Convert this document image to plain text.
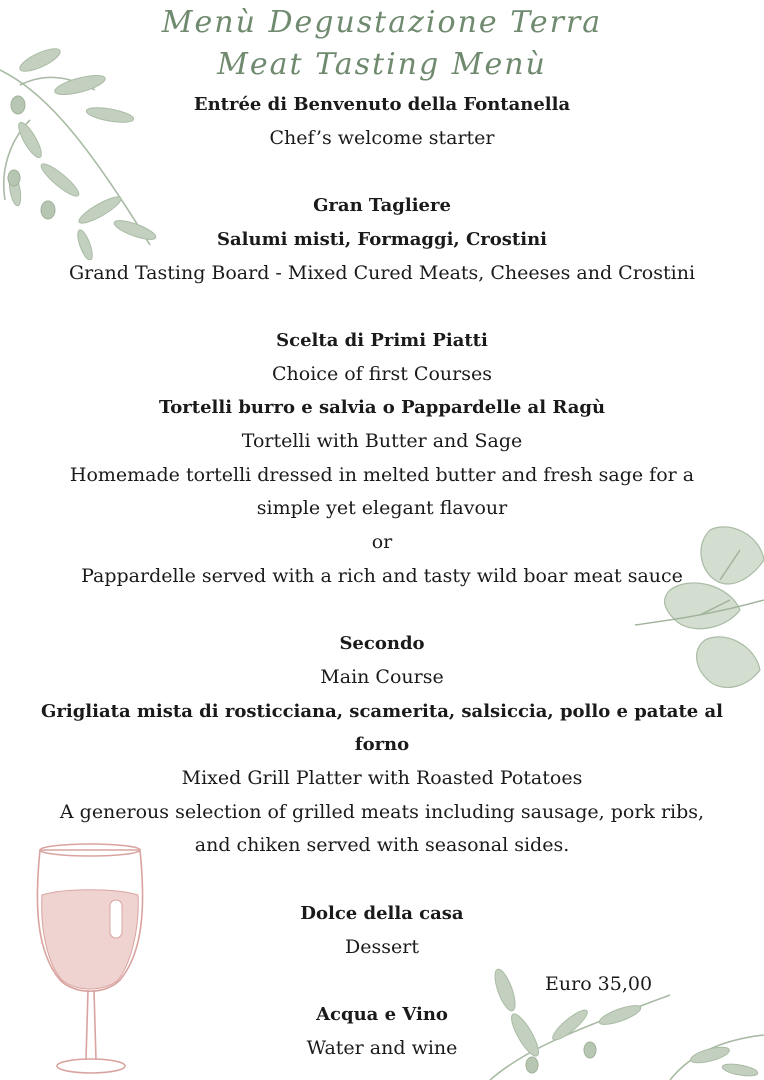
Menù Degustazione Terra
Meat Tasting Menù
Entrée di Benvenuto della Fontanella
Chef’s welcome starter
Gran Tagliere
Salumi misti, Formaggi, Crostini
Grand Tasting Board - Mixed Cured Meats, Cheeses and Crostini
Scelta di Primi Piatti
Choice of first Courses
Tortelli burro e salvia o Pappardelle al Ragù
Tortelli with Butter and Sage
Homemade tortelli dressed in melted butter and fresh sage for a
simple yet elegant flavour
or
Pappardelle served with a rich and tasty wild boar meat sauce
Secondo
Main Course
Grigliata mista di rosticciana, scamerita, salsiccia, pollo e patate al
forno
Mixed Grill Platter with Roasted Potatoes
A generous selection of grilled meats including sausage, pork ribs,
and chiken served with seasonal sides.
Dolce della casa
Dessert
Acqua e Vino
Water and wine
Euro 35,00
